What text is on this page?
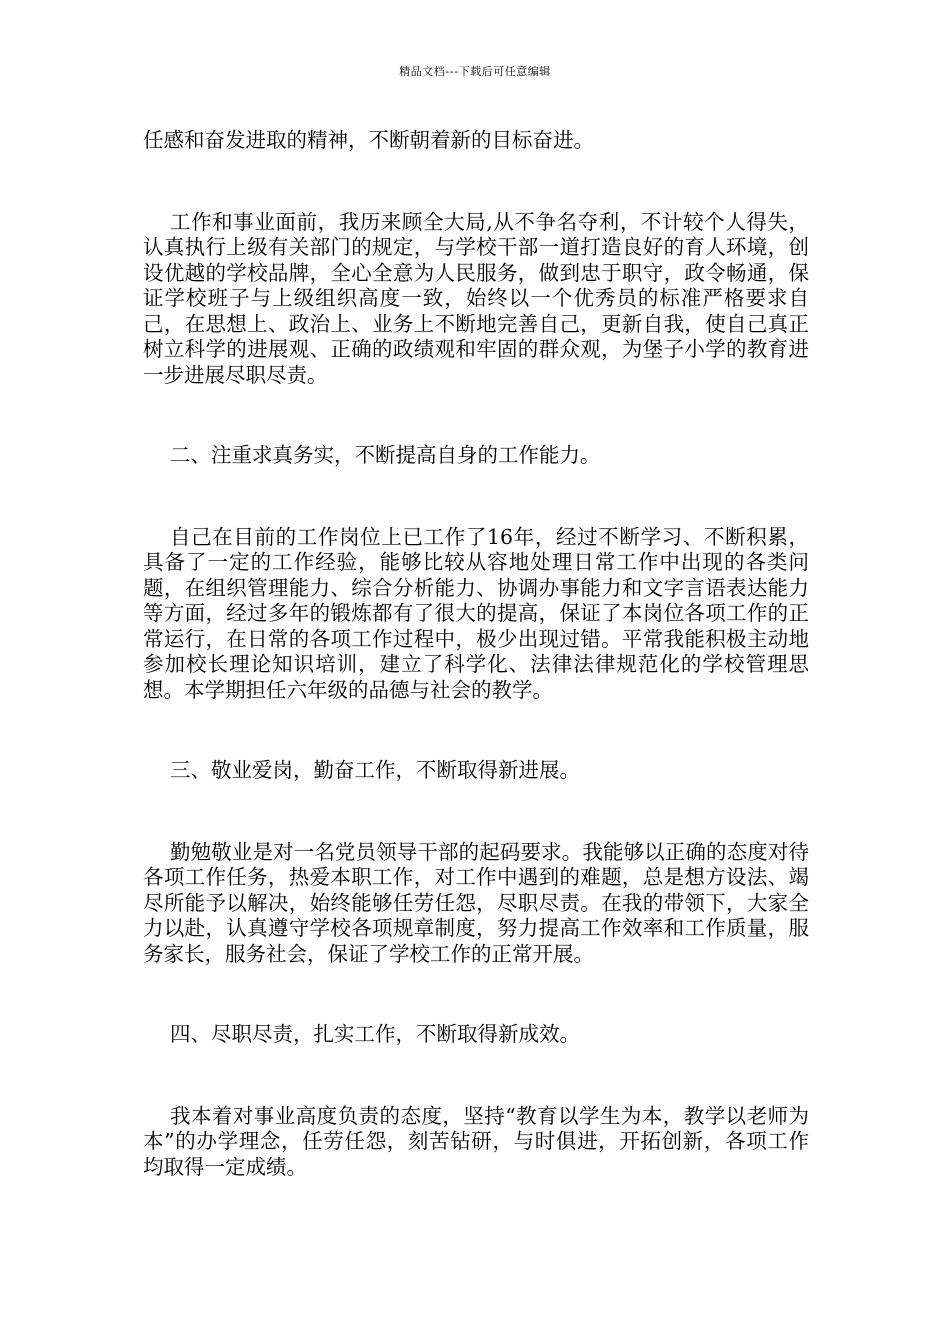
精品文档---下载后可任意编辑

任感和奋发进取的精神，不断朝着新的目标奋进。

工作和事业面前，我历来顾全大局,从不争名夺利，不计较个人得失，认真执行上级有关部门的规定，与学校干部一道打造良好的育人环境，创设优越的学校品牌，全心全意为人民服务，做到忠于职守，政令畅通，保证学校班子与上级组织高度一致，始终以一个优秀员的标准严格要求自己，在思想上、政治上、业务上不断地完善自己，更新自我，使自己真正树立科学的进展观、正确的政绩观和牢固的群众观，为堡子小学的教育进一步进展尽职尽责。

二、注重求真务实，不断提高自身的工作能力。

自己在目前的工作岗位上已工作了16年，经过不断学习、不断积累，具备了一定的工作经验，能够比较从容地处理日常工作中出现的各类问题，在组织管理能力、综合分析能力、协调办事能力和文字言语表达能力等方面，经过多年的锻炼都有了很大的提高，保证了本岗位各项工作的正常运行，在日常的各项工作过程中，极少出现过错。平常我能积极主动地参加校长理论知识培训，建立了科学化、法律法律规范化的学校管理思想。本学期担任六年级的品德与社会的教学。

三、敬业爱岗，勤奋工作，不断取得新进展。

勤勉敬业是对一名党员领导干部的起码要求。我能够以正确的态度对待各项工作任务，热爱本职工作，对工作中遇到的难题，总是想方设法、竭尽所能予以解决，始终能够任劳任怨，尽职尽责。在我的带领下，大家全力以赴，认真遵守学校各项规章制度，努力提高工作效率和工作质量，服务家长，服务社会，保证了学校工作的正常开展。

四、尽职尽责，扎实工作，不断取得新成效。

我本着对事业高度负责的态度，坚持“教育以学生为本，教学以老师为本”的办学理念，任劳任怨，刻苦钻研，与时俱进，开拓创新，各项工作均取得一定成绩。
